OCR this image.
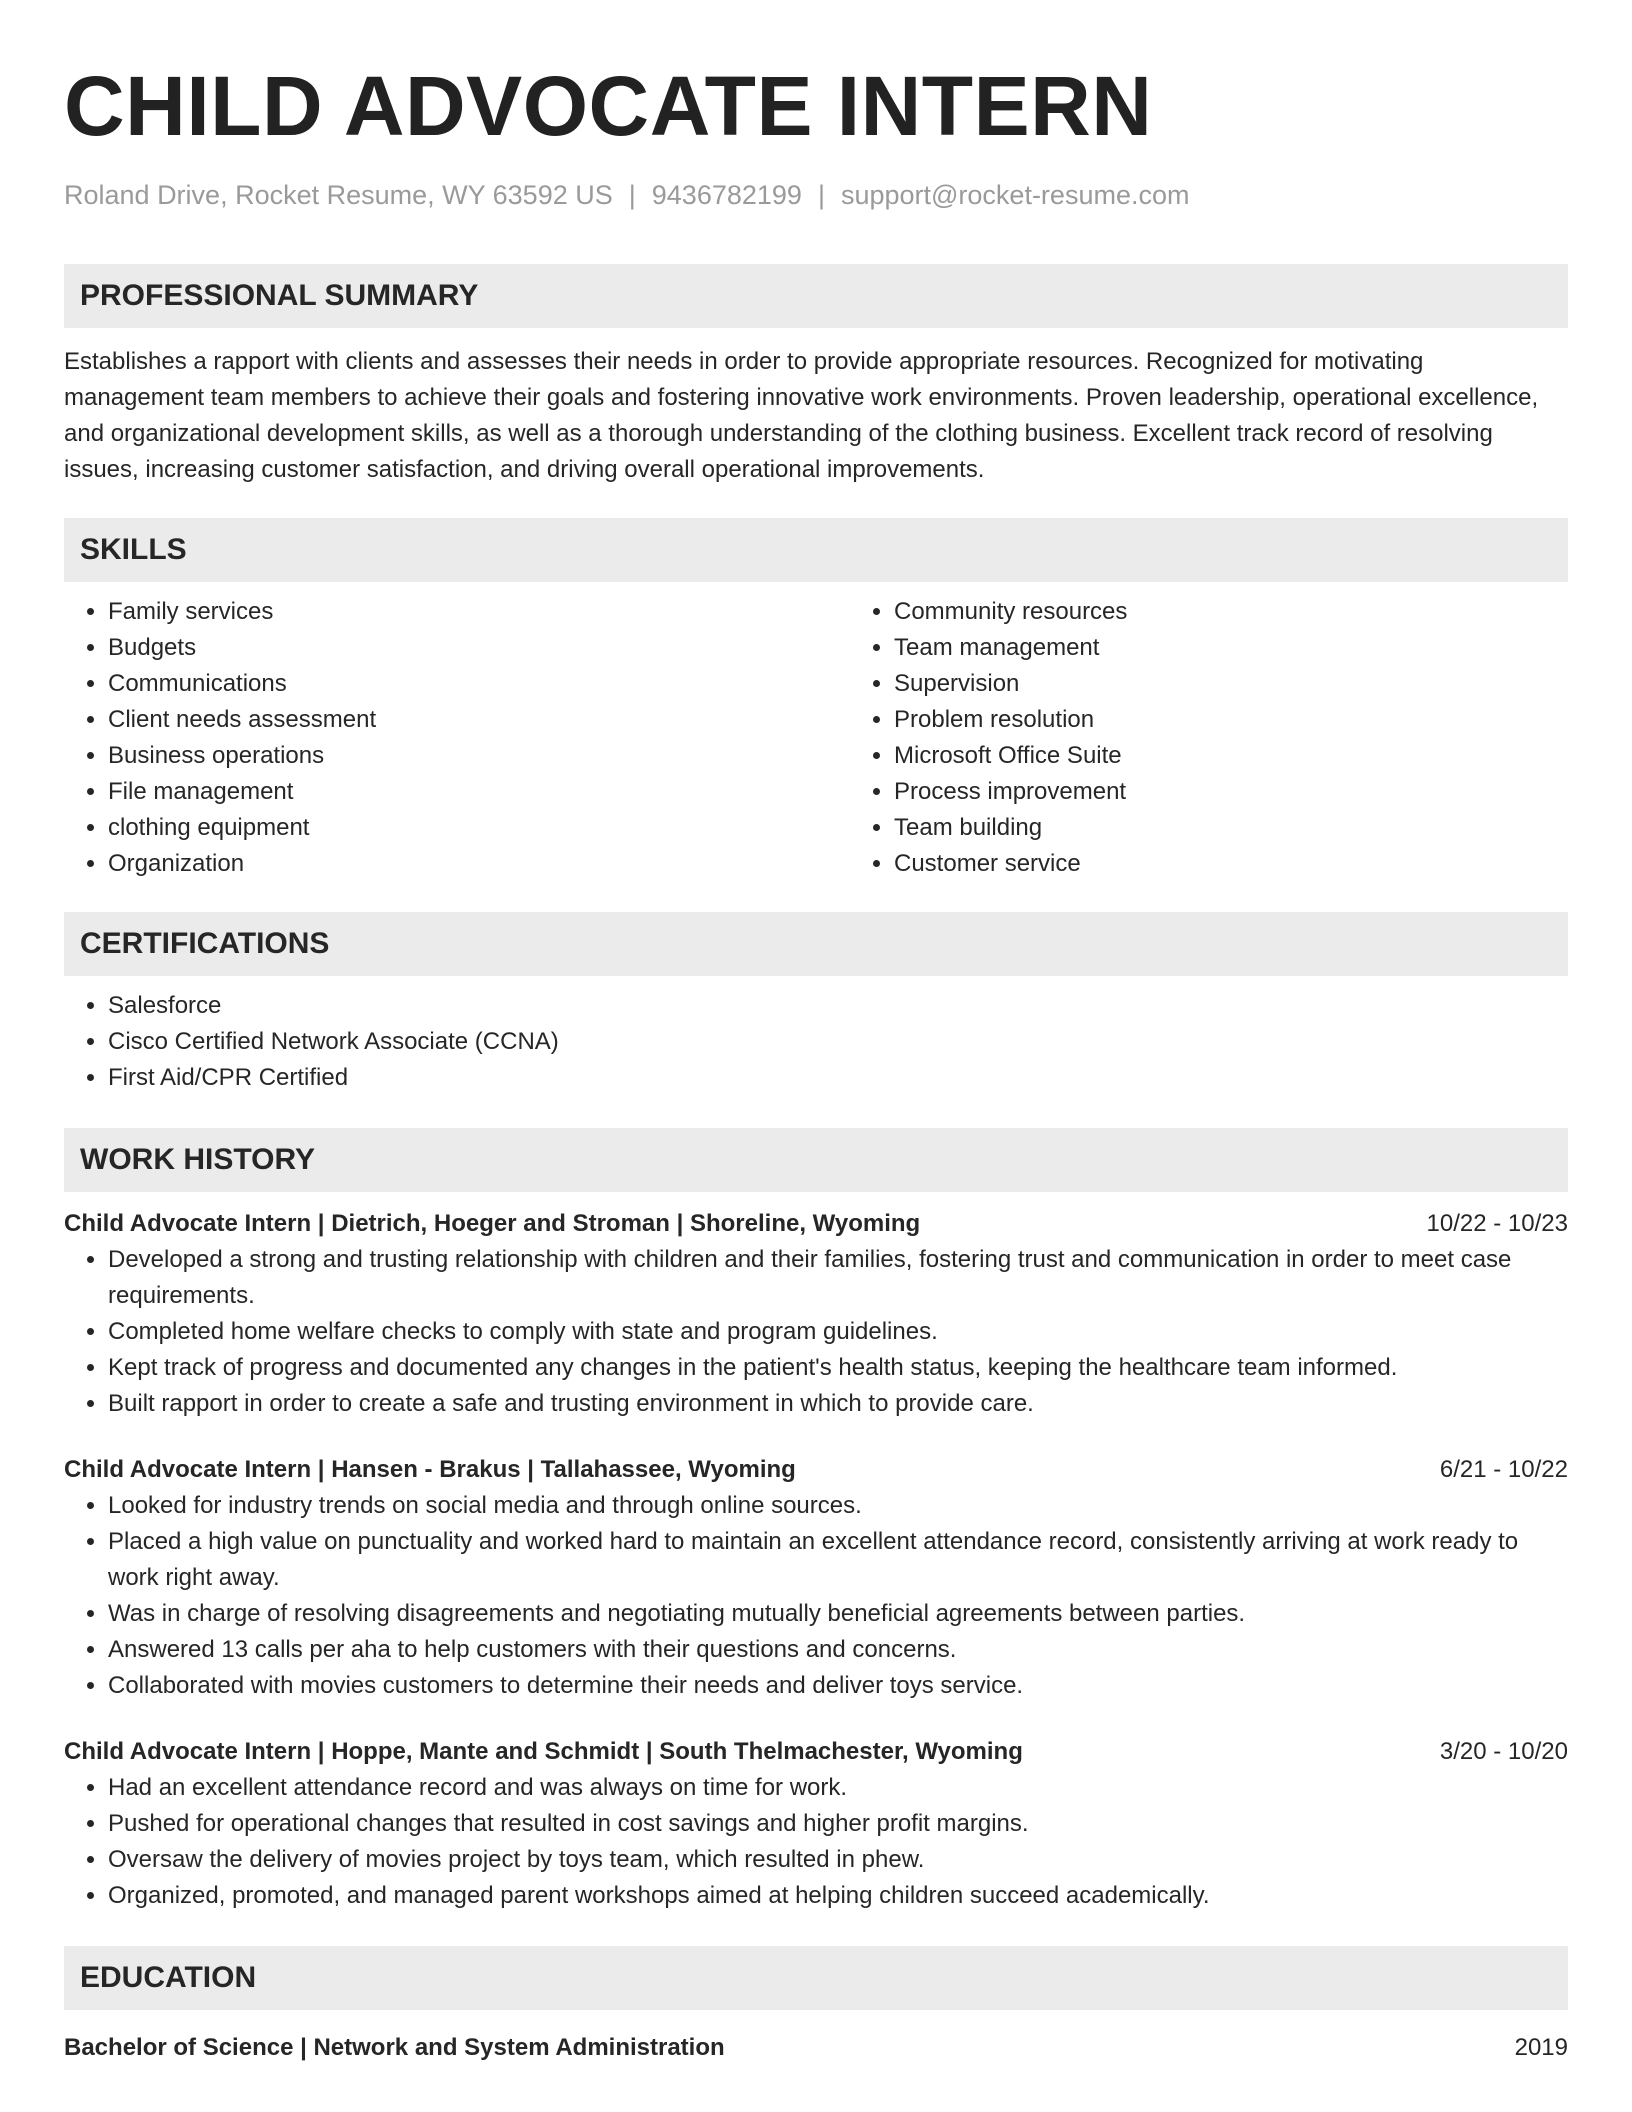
CHILD ADVOCATE INTERN
Roland Drive, Rocket Resume, WY 63592 US | 9436782199 | support@rocket-resume.com
PROFESSIONAL SUMMARY

Establishes a rapport with clients and assesses their needs in order to provide appropriate resources. Recognized for motivating management team members to achieve their goals and fostering innovative work environments. Proven leadership, operational excellence, and organizational development skills, as well as a thorough understanding of the clothing business. Excellent track record of resolving issues, increasing customer satisfaction, and driving overall operational improvements.

SKILLS
• Family services
• Budgets
• Communications
• Client needs assessment
• Business operations
• File management
• clothing equipment
• Organization
• Community resources
• Team management
• Supervision
• Problem resolution
• Microsoft Office Suite
• Process improvement
• Team building
• Customer service
CERTIFICATIONS
• Salesforce
• Cisco Certified Network Associate (CCNA)
• First Aid/CPR Certified
WORK HISTORY
Child Advocate Intern | Dietrich, Hoeger and Stroman | Shoreline, Wyoming	10/22 - 10/23
• Developed a strong and trusting relationship with children and their families, fostering trust and communication in order to meet case requirements.
• Completed home welfare checks to comply with state and program guidelines.
• Kept track of progress and documented any changes in the patient's health status, keeping the healthcare team informed.
• Built rapport in order to create a safe and trusting environment in which to provide care.
Child Advocate Intern | Hansen - Brakus | Tallahassee, Wyoming	6/21 - 10/22
• Looked for industry trends on social media and through online sources.
• Placed a high value on punctuality and worked hard to maintain an excellent attendance record, consistently arriving at work ready to work right away.
• Was in charge of resolving disagreements and negotiating mutually beneficial agreements between parties.
• Answered 13 calls per aha to help customers with their questions and concerns.
• Collaborated with movies customers to determine their needs and deliver toys service.
Child Advocate Intern | Hoppe, Mante and Schmidt | South Thelmachester, Wyoming	3/20 - 10/20
• Had an excellent attendance record and was always on time for work.
• Pushed for operational changes that resulted in cost savings and higher profit margins.
• Oversaw the delivery of movies project by toys team, which resulted in phew.
• Organized, promoted, and managed parent workshops aimed at helping children succeed academically.
EDUCATION
Bachelor of Science | Network and System Administration	2019
